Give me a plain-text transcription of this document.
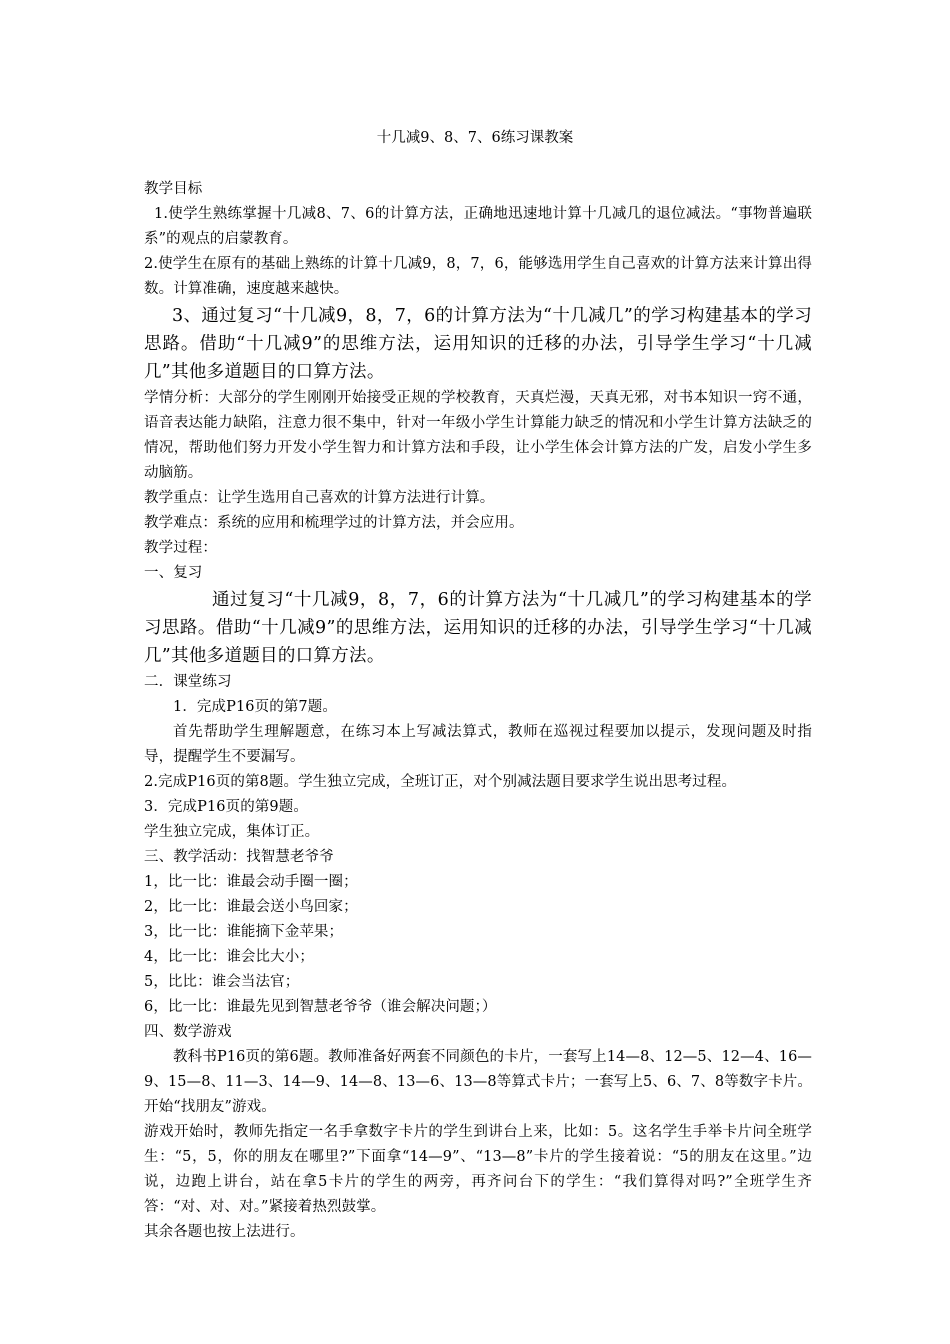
十几减9、8、7、6练习课教案

教学目标

1.使学生熟练掌握十几减8、7、6的计算方法，正确地迅速地计算十几减几的退位减法。“事物普遍联系”的观点的启蒙教育。

2.使学生在原有的基础上熟练的计算十几减9，8，7，6，能够选用学生自己喜欢的计算方法来计算出得数。计算准确，速度越来越快。

3、通过复习“十几减9，8，7，6的计算方法为“十几减几”的学习构建基本的学习思路。借助“十几减9”的思维方法，运用知识的迁移的办法，引导学生学习“十几减几”其他多道题目的口算方法。

学情分析：大部分的学生刚刚开始接受正规的学校教育，天真烂漫，天真无邪，对书本知识一窍不通，语音表达能力缺陷，注意力很不集中，针对一年级小学生计算能力缺乏的情况和小学生计算方法缺乏的情况，帮助他们努力开发小学生智力和计算方法和手段，让小学生体会计算方法的广发，启发小学生多动脑筋。

教学重点：让学生选用自己喜欢的计算方法进行计算。

教学难点：系统的应用和梳理学过的计算方法，并会应用。

教学过程：

一、复习

通过复习“十几减9，8，7，6的计算方法为“十几减几”的学习构建基本的学习思路。借助“十几减9”的思维方法，运用知识的迁移的办法，引导学生学习“十几减几”其他多道题目的口算方法。

二．课堂练习

1．完成P16页的第7题。

首先帮助学生理解题意，在练习本上写减法算式，教师在巡视过程要加以提示，发现问题及时指导，提醒学生不要漏写。

2.完成P16页的第8题。学生独立完成，全班订正，对个别减法题目要求学生说出思考过程。

3．完成P16页的第9题。

学生独立完成，集体订正。

三、教学活动：找智慧老爷爷

1，比一比：谁最会动手圈一圈；

2，比一比：谁最会送小鸟回家；

3，比一比：谁能摘下金苹果；

4，比一比：谁会比大小；

5，比比：谁会当法官；

6，比一比：谁最先见到智慧老爷爷（谁会解决问题；）

四、数学游戏

教科书P16页的第6题。教师准备好两套不同颜色的卡片，一套写上14—8、12—5、12—4、16—9、15—8、11—3、14—9、14—8、13—6、13—8等算式卡片；一套写上5、6、7、8等数字卡片。开始“找朋友”游戏。

游戏开始时，教师先指定一名手拿数字卡片的学生到讲台上来，比如：5。这名学生手举卡片问全班学生：“5，5，你的朋友在哪里?”下面拿“14—9”、“13—8”卡片的学生接着说：“5的朋友在这里。”边说，边跑上讲台，站在拿5卡片的学生的两旁，再齐问台下的学生：“我们算得对吗?”全班学生齐答：“对、对、对。”紧接着热烈鼓掌。

其余各题也按上法进行。
